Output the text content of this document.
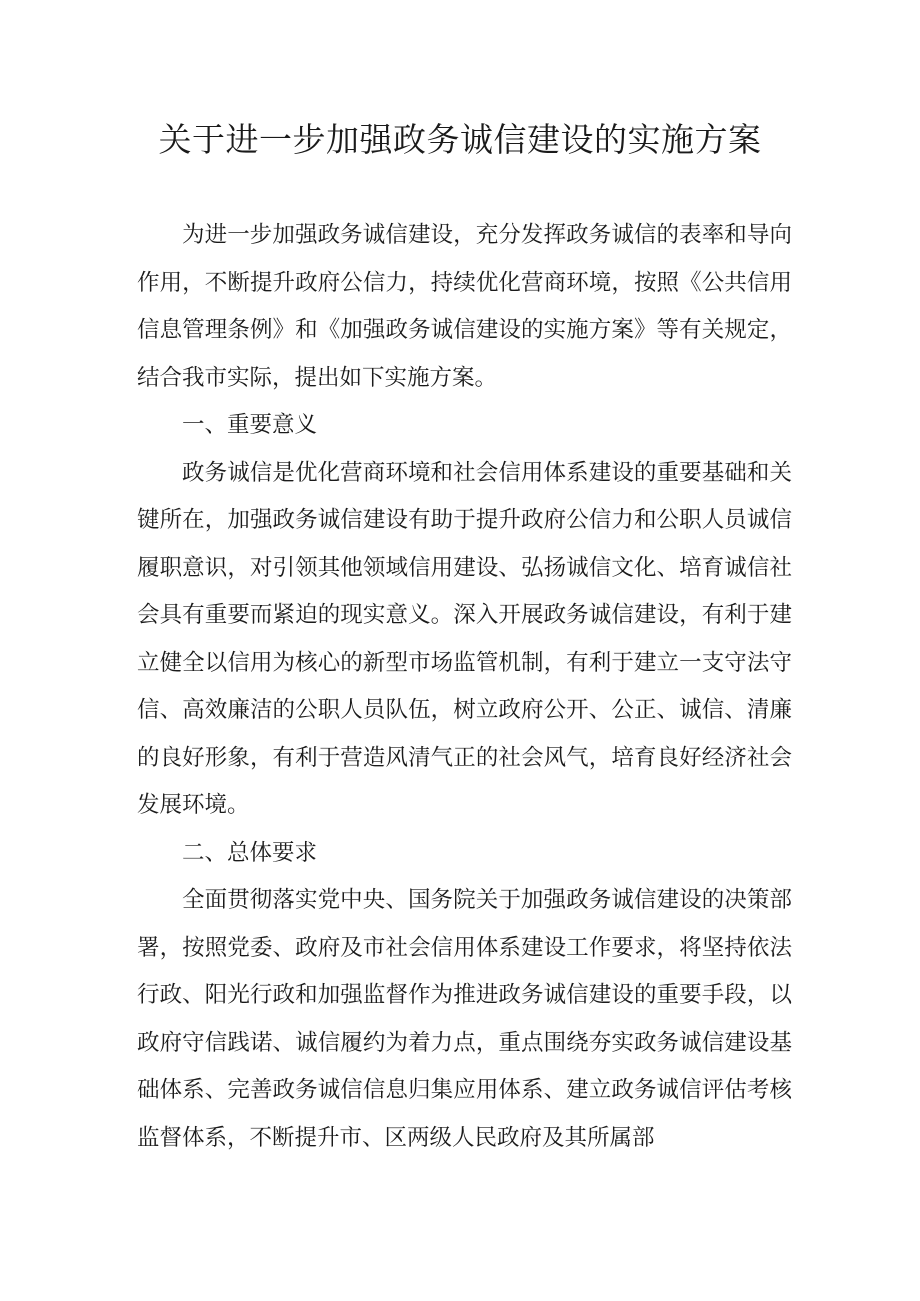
关于进一步加强政务诚信建设的实施方案

为进一步加强政务诚信建设，充分发挥政务诚信的表率和导向作用，不断提升政府公信力，持续优化营商环境，按照《公共信用信息管理条例》和《加强政务诚信建设的实施方案》等有关规定，结合我市实际，提出如下实施方案。

一、重要意义

政务诚信是优化营商环境和社会信用体系建设的重要基础和关键所在，加强政务诚信建设有助于提升政府公信力和公职人员诚信履职意识，对引领其他领域信用建设、弘扬诚信文化、培育诚信社会具有重要而紧迫的现实意义。深入开展政务诚信建设，有利于建立健全以信用为核心的新型市场监管机制，有利于建立一支守法守信、高效廉洁的公职人员队伍，树立政府公开、公正、诚信、清廉的良好形象，有利于营造风清气正的社会风气，培育良好经济社会发展环境。

二、总体要求

全面贯彻落实党中央、国务院关于加强政务诚信建设的决策部署，按照党委、政府及市社会信用体系建设工作要求，将坚持依法行政、阳光行政和加强监督作为推进政务诚信建设的重要手段，以政府守信践诺、诚信履约为着力点，重点围绕夯实政务诚信建设基础体系、完善政务诚信信息归集应用体系、建立政务诚信评估考核监督体系，不断提升市、区两级人民政府及其所属部
